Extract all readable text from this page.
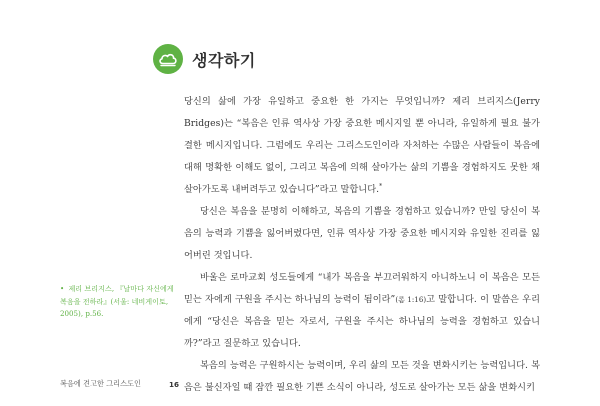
생각하기

당신의 삶에 가장 유일하고 중요한 한 가지는 무엇입니까? 제리 브리지스(Jerry Bridges)는 “복음은 인류 역사상 가장 중요한 메시지일 뿐 아니라, 유일하게 필요 불가결한 메시지입니다. 그럼에도 우리는 그리스도인이라 자처하는 수많은 사람들이 복음에 대해 명확한 이해도 없이, 그리고 복음에 의해 살아가는 삶의 기쁨을 경험하지도 못한 채 살아가도록 내버려두고 있습니다”라고 말합니다.*

당신은 복음을 분명히 이해하고, 복음의 기쁨을 경험하고 있습니까? 만일 당신이 복음의 능력과 기쁨을 잃어버렸다면, 인류 역사상 가장 중요한 메시지와 유일한 진리를 잃어버린 것입니다.

바울은 로마교회 성도들에게 “내가 복음을 부끄러워하지 아니하노니 이 복음은 모든 믿는 자에게 구원을 주시는 하나님의 능력이 됨이라”(롬 1:16)고 말합니다. 이 말씀은 우리에게 “당신은 복음을 믿는 자로서, 구원을 주시는 하나님의 능력을 경험하고 있습니까?”라고 질문하고 있습니다.

복음의 능력은 구원하시는 능력이며, 우리 삶의 모든 것을 변화시키는 능력입니다. 복음은 불신자일 때 잠깐 필요한 기쁜 소식이 아니라, 성도로 살아가는 모든 삶을 변화시키

• 제리 브리지스, 『날마다 자신에게 복음을 전하라』(서울: 네비게이토, 2005), p.56.
복음에 견고한 그리스도인	16
